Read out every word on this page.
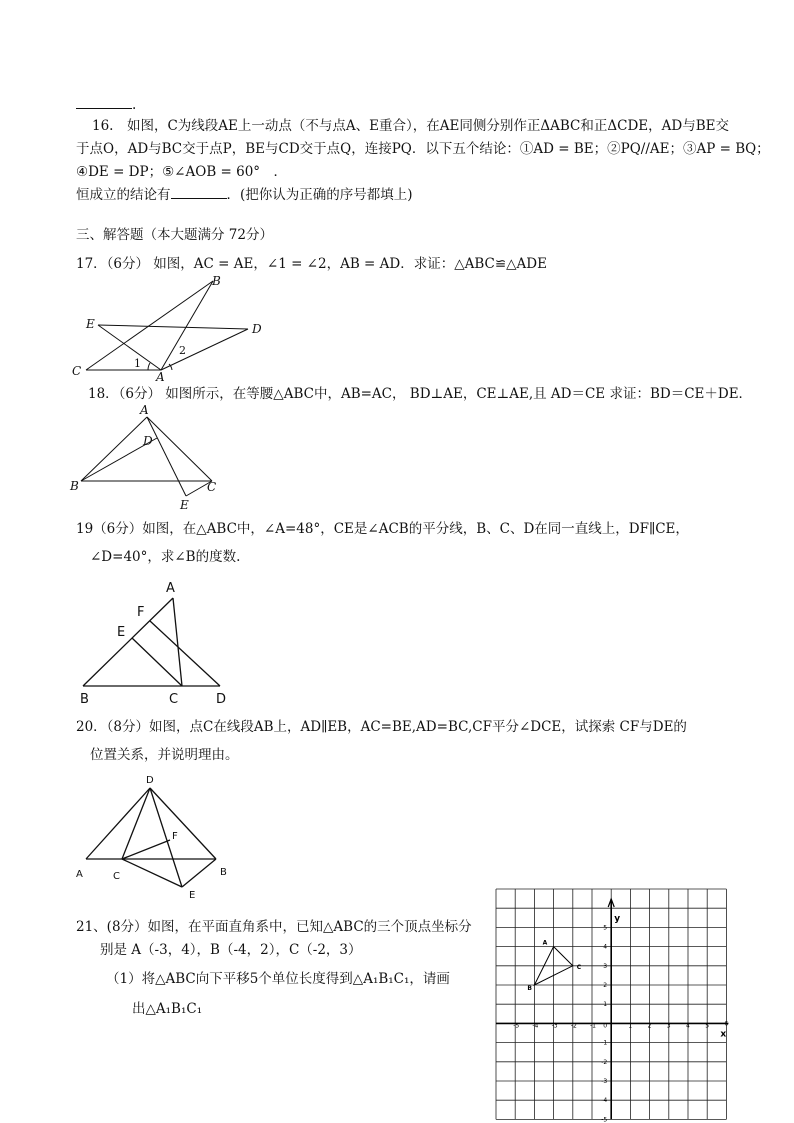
.
16.　如图，C为线段AE上一动点（不与点A、E重合），在AE同侧分别作正ΔABC和正ΔCDE，AD与BE交
于点O，AD与BC交于点P，BE与CD交于点Q，连接PQ．以下五个结论：①AD = BE；②PQ//AE；③AP = BQ；
④DE = DP；⑤∠AOB = 60°　．
恒成立的结论有	．(把你认为正确的序号都填上)
三、解答题（本大题满分 72分）
17．（6分） 如图，AC = AE，∠1 = ∠2，AB = AD．求证：△ABC≌△ADE
B
E	D
C	A
1
2
18．（6分） 如图所示，在等腰△ABC中，AB=AC， BD⊥AE，CE⊥AE,且 AD＝CE 求证：BD＝CE＋DE．
A
D
B
E
C
19（6分）如图，在△ABC中，∠A=48°，CE是∠ACB的平分线，B、C、D在同一直线上，DF∥CE，
∠D=40°，求∠B的度数.
A
F
E
B	C	D
20．（8分）如图，点C在线段AB上，AD∥EB，AC=BE,AD=BC,CF平分∠DCE，试探索 CF与DE的
位置关系，并说明理由。
D
F
A	C	B
E
21、(8分）如图，在平面直角系中，已知△ABC的三个顶点坐标分
别是 A（-3，4），B（-4，2），C（-2，3）
（1）将△ABC向下平移5个单位长度得到△A₁B₁C₁，请画
出△A₁B₁C₁
y
x
-5 -4 -3 -2 -1 0	1	2	3	4	5	6
5
4
3
2
1
-1
-2
-3
-4
-5
A
B
C
